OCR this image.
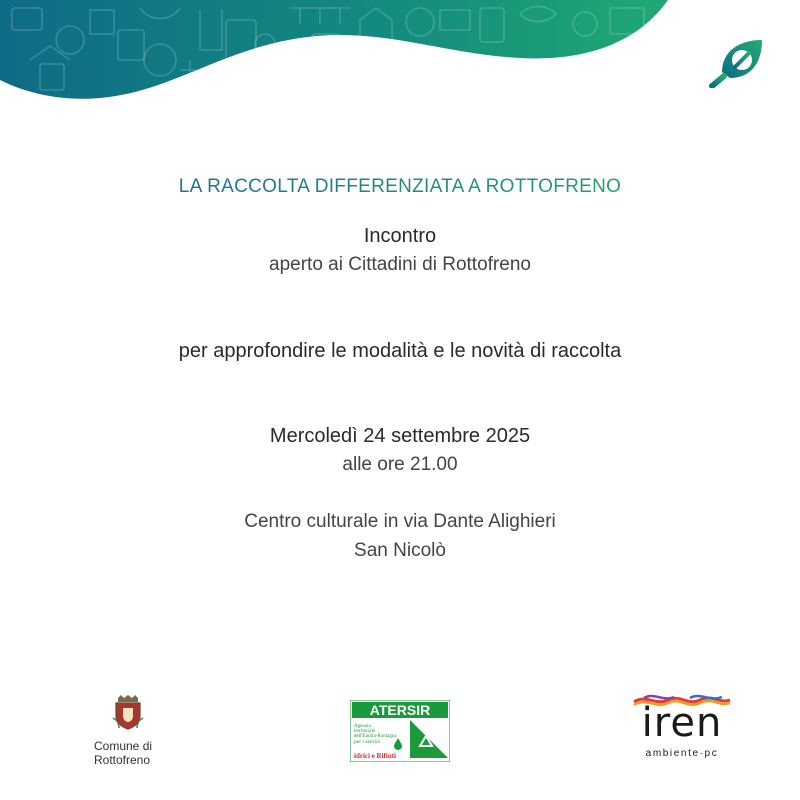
LA RACCOLTA DIFFERENZIATA A ROTTOFRENO
Incontro
aperto ai Cittadini di Rottofreno
per approfondire le modalità e le novità di raccolta
Mercoledì 24 settembre 2025
alle ore 21.00
Centro culturale in via Dante Alighieri
San Nicolò
Comune di
Rottofreno
ATERSIR
Agenzia
territoriale
dell'Emilia-Romagna
per i servizi
idrici e Rifiuti
iren
ambiente·pc
